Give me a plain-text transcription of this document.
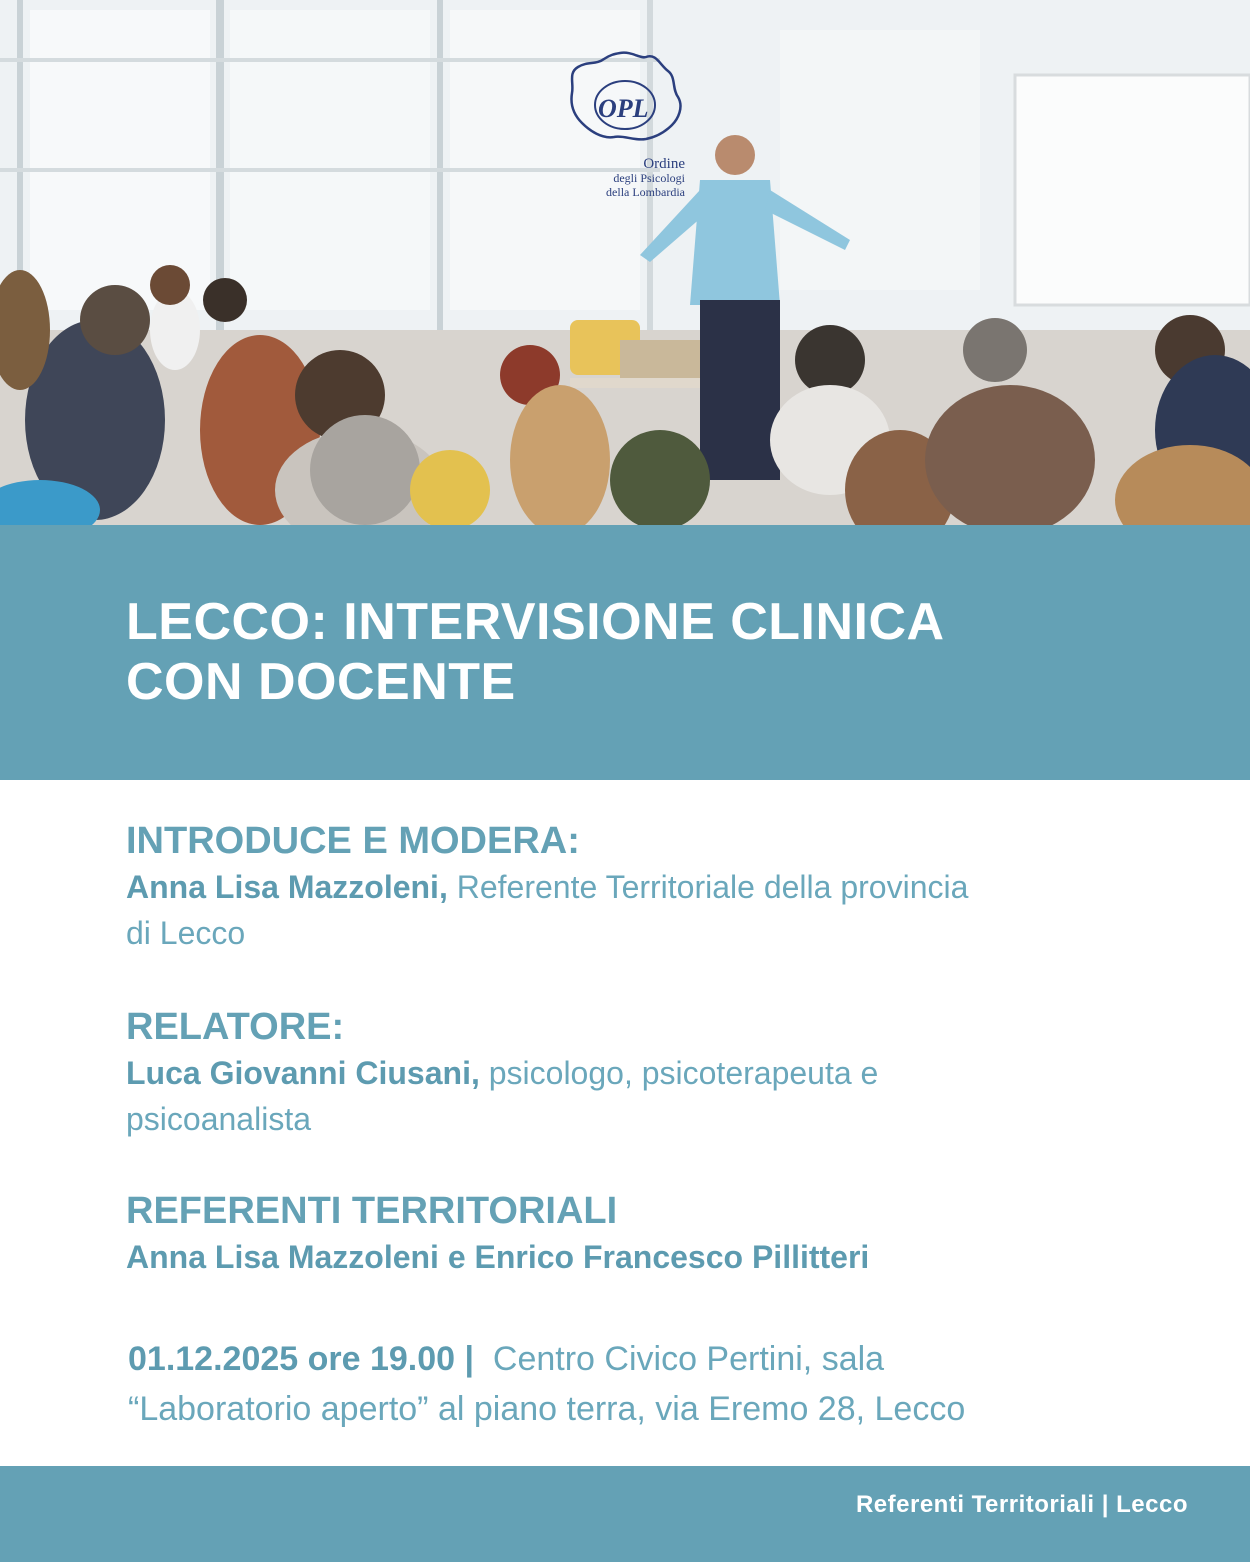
OPL
Ordine
degli Psicologi
della Lombardia
LECCO: INTERVISIONE CLINICA
CON DOCENTE
INTRODUCE E MODERA:

Anna Lisa Mazzoleni, Referente Territoriale della provincia
di Lecco

RELATORE:

Luca Giovanni Ciusani, psicologo, psicoterapeuta e
psicoanalista

REFERENTI TERRITORIALI

Anna Lisa Mazzoleni e Enrico Francesco Pillitteri

01.12.2025 ore 19.00 |  Centro Civico Pertini, sala
“Laboratorio aperto” al piano terra, via Eremo 28, Lecco
Referenti Territoriali | Lecco
